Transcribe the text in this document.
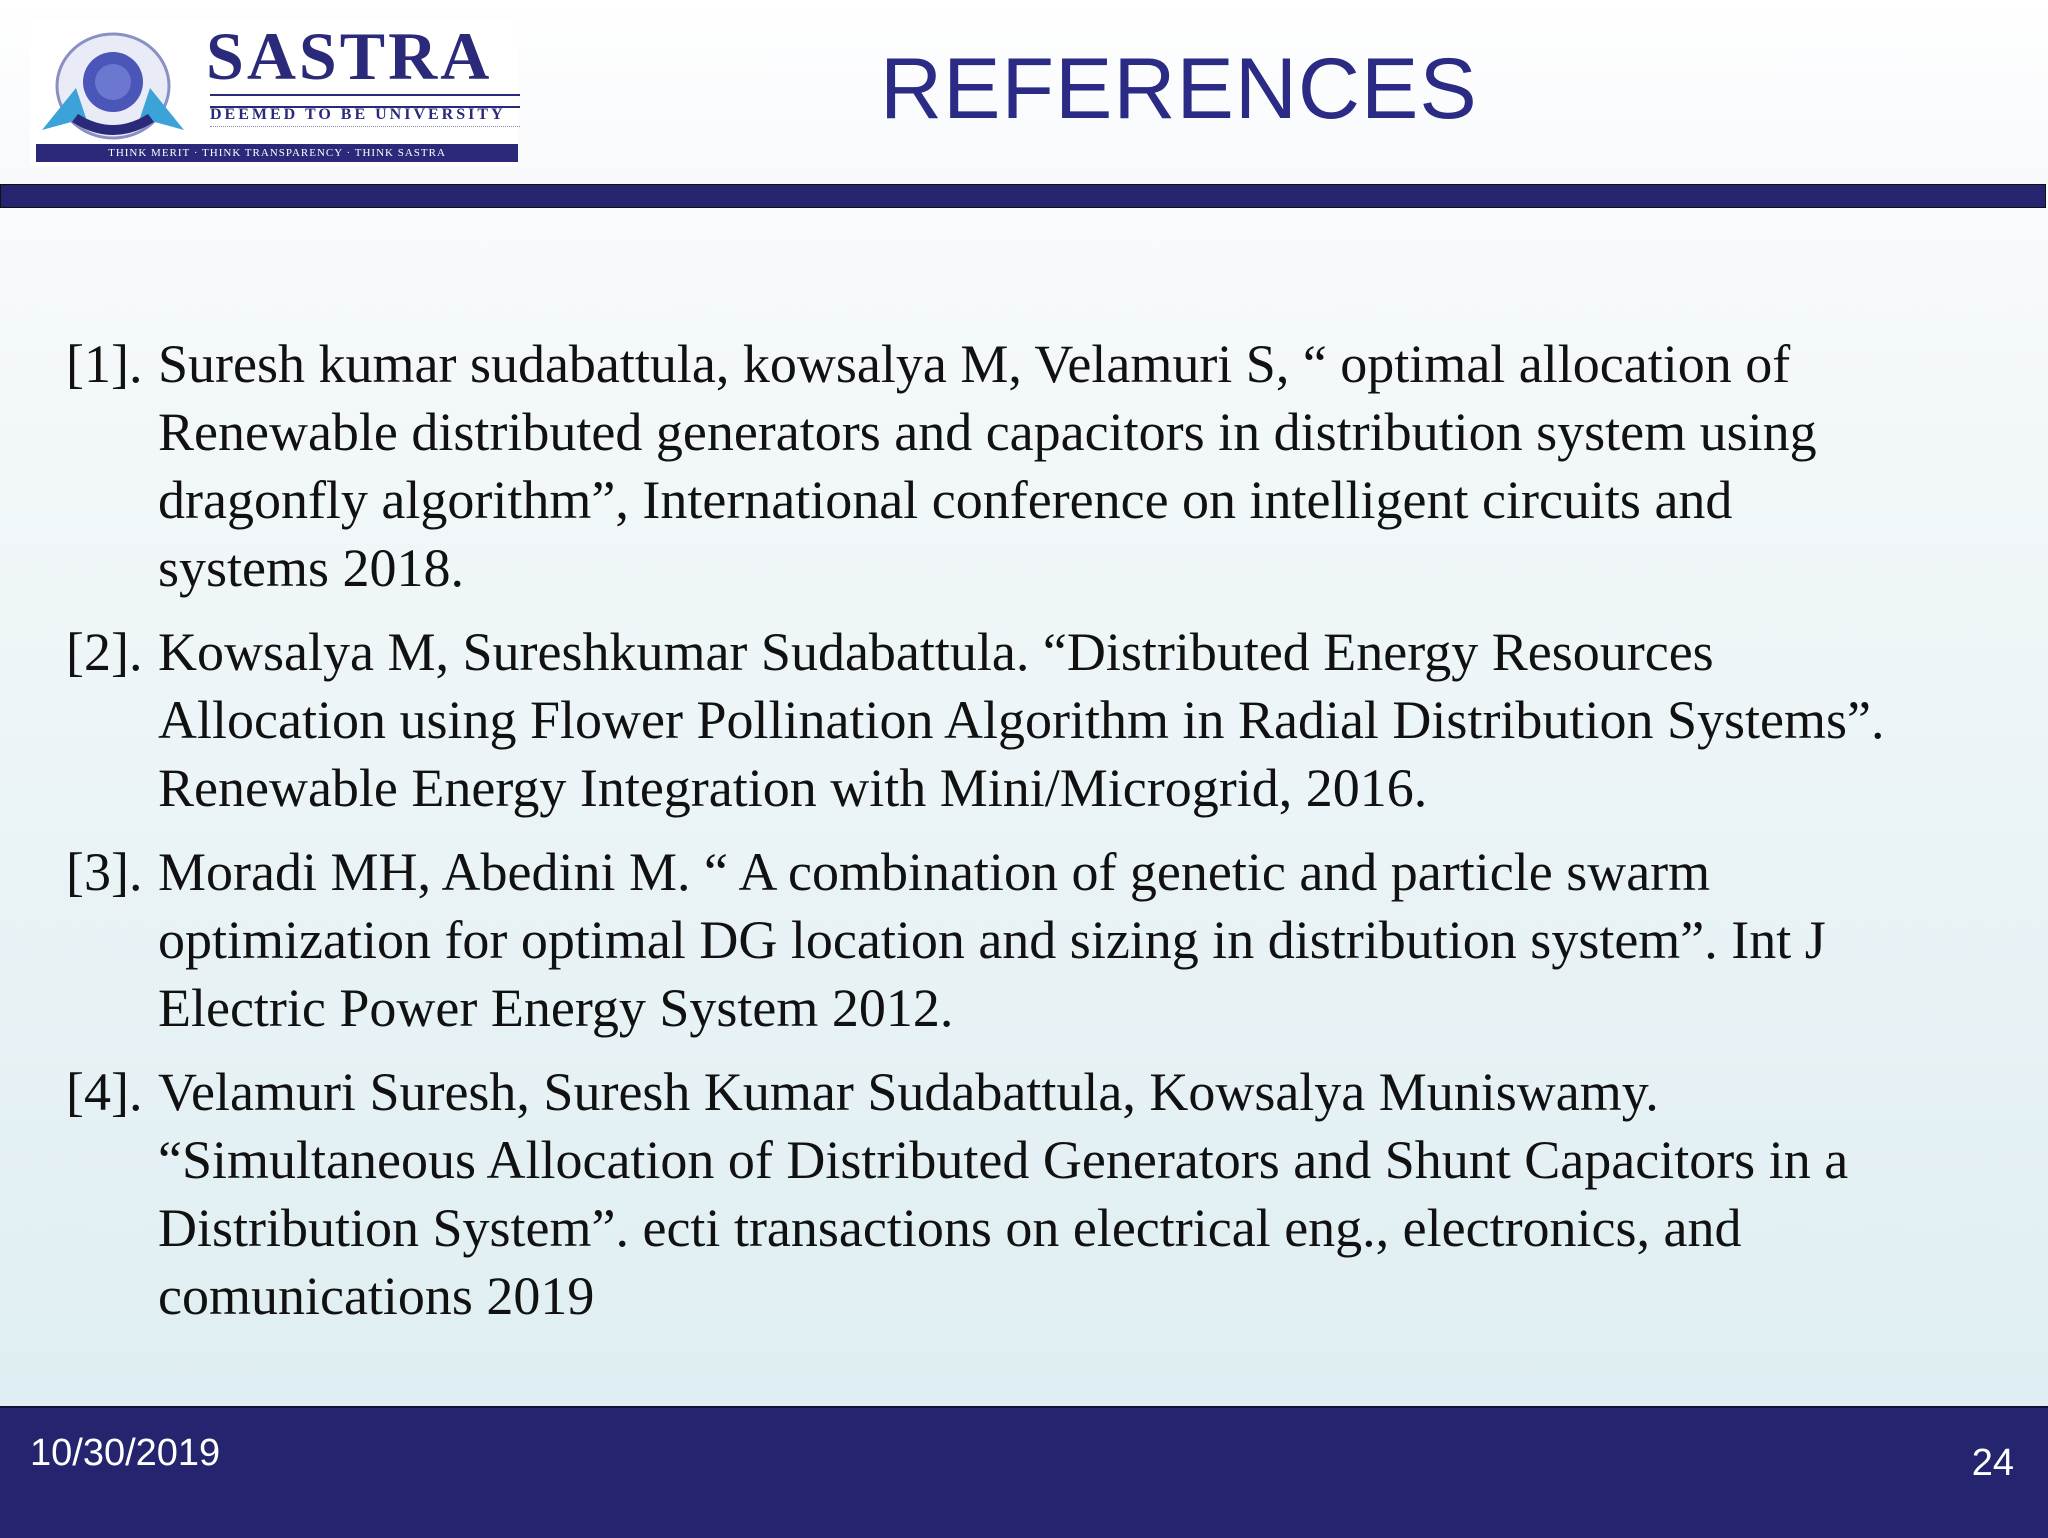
SASTRA
DEEMED TO BE UNIVERSITY
THINK MERIT · THINK TRANSPARENCY · THINK SASTRA
REFERENCES
[1]. Suresh kumar sudabattula, kowsalya M, Velamuri S, “ optimal allocation of
Renewable distributed generators and capacitors in distribution system using
dragonfly algorithm”, International conference on intelligent circuits and
systems 2018.
[2]. Kowsalya M, Sureshkumar Sudabattula. “Distributed Energy Resources
Allocation using Flower Pollination Algorithm in Radial Distribution Systems”.
Renewable Energy Integration with Mini/Microgrid, 2016.
[3]. Moradi MH, Abedini M. “ A combination of genetic and particle swarm
optimization for optimal DG location and sizing in distribution system”. Int J
Electric Power Energy System 2012.
[4]. Velamuri Suresh, Suresh Kumar Sudabattula, Kowsalya Muniswamy.
“Simultaneous Allocation of Distributed Generators and Shunt Capacitors in a
Distribution System”. ecti transactions on electrical eng., electronics, and
comunications 2019
10/30/2019	24
